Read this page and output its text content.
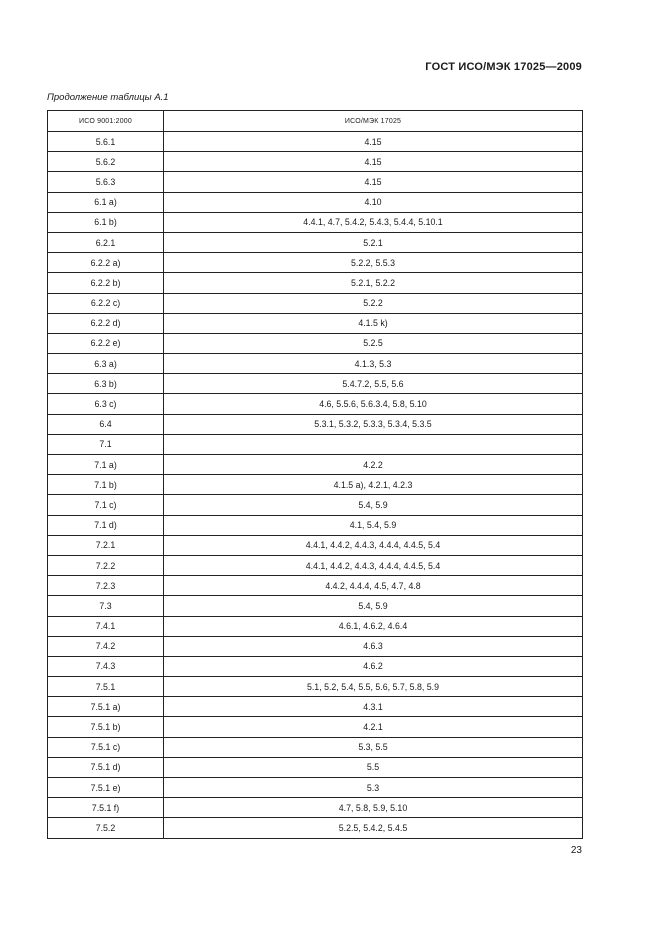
ГОСТ ИСО/МЭК 17025—2009
Продолжение таблицы А.1
ИСО 9001:2000	ИСО/МЭК 17025
5.6.1	4.15
5.6.2	4.15
5.6.3	4.15
6.1 a)	4.10
6.1 b)	4.4.1, 4.7, 5.4.2, 5.4.3, 5.4.4, 5.10.1
6.2.1	5.2.1
6.2.2 a)	5.2.2, 5.5.3
6.2.2 b)	5.2.1, 5.2.2
6.2.2 c)	5.2.2
6.2.2 d)	4.1.5 k)
6.2.2 e)	5.2.5
6.3 a)	4.1.3, 5.3
6.3 b)	5.4.7.2, 5.5, 5.6
6.3 c)	4.6, 5.5.6, 5.6.3.4, 5.8, 5.10
6.4	5.3.1, 5.3.2, 5.3.3, 5.3.4, 5.3.5
7.1	
7.1 a)	4.2.2
7.1 b)	4.1.5 a), 4.2.1, 4.2.3
7.1 c)	5.4, 5.9
7.1 d)	4.1, 5.4, 5.9
7.2.1	4.4.1, 4.4.2, 4.4.3, 4.4.4, 4.4.5, 5.4
7.2.2	4.4.1, 4.4.2, 4.4.3, 4.4.4, 4.4.5, 5.4
7.2.3	4.4.2, 4.4.4, 4.5, 4.7, 4.8
7.3	5.4, 5.9
7.4.1	4.6.1, 4.6.2, 4.6.4
7.4.2	4.6.3
7.4.3	4.6.2
7.5.1	5.1, 5.2, 5.4, 5.5, 5.6, 5.7, 5.8, 5.9
7.5.1 a)	4.3.1
7.5.1 b)	4.2.1
7.5.1 c)	5.3, 5.5
7.5.1 d)	5.5
7.5.1 e)	5.3
7.5.1 f)	4.7, 5.8, 5.9, 5.10
7.5.2	5.2.5, 5.4.2, 5.4.5
23
